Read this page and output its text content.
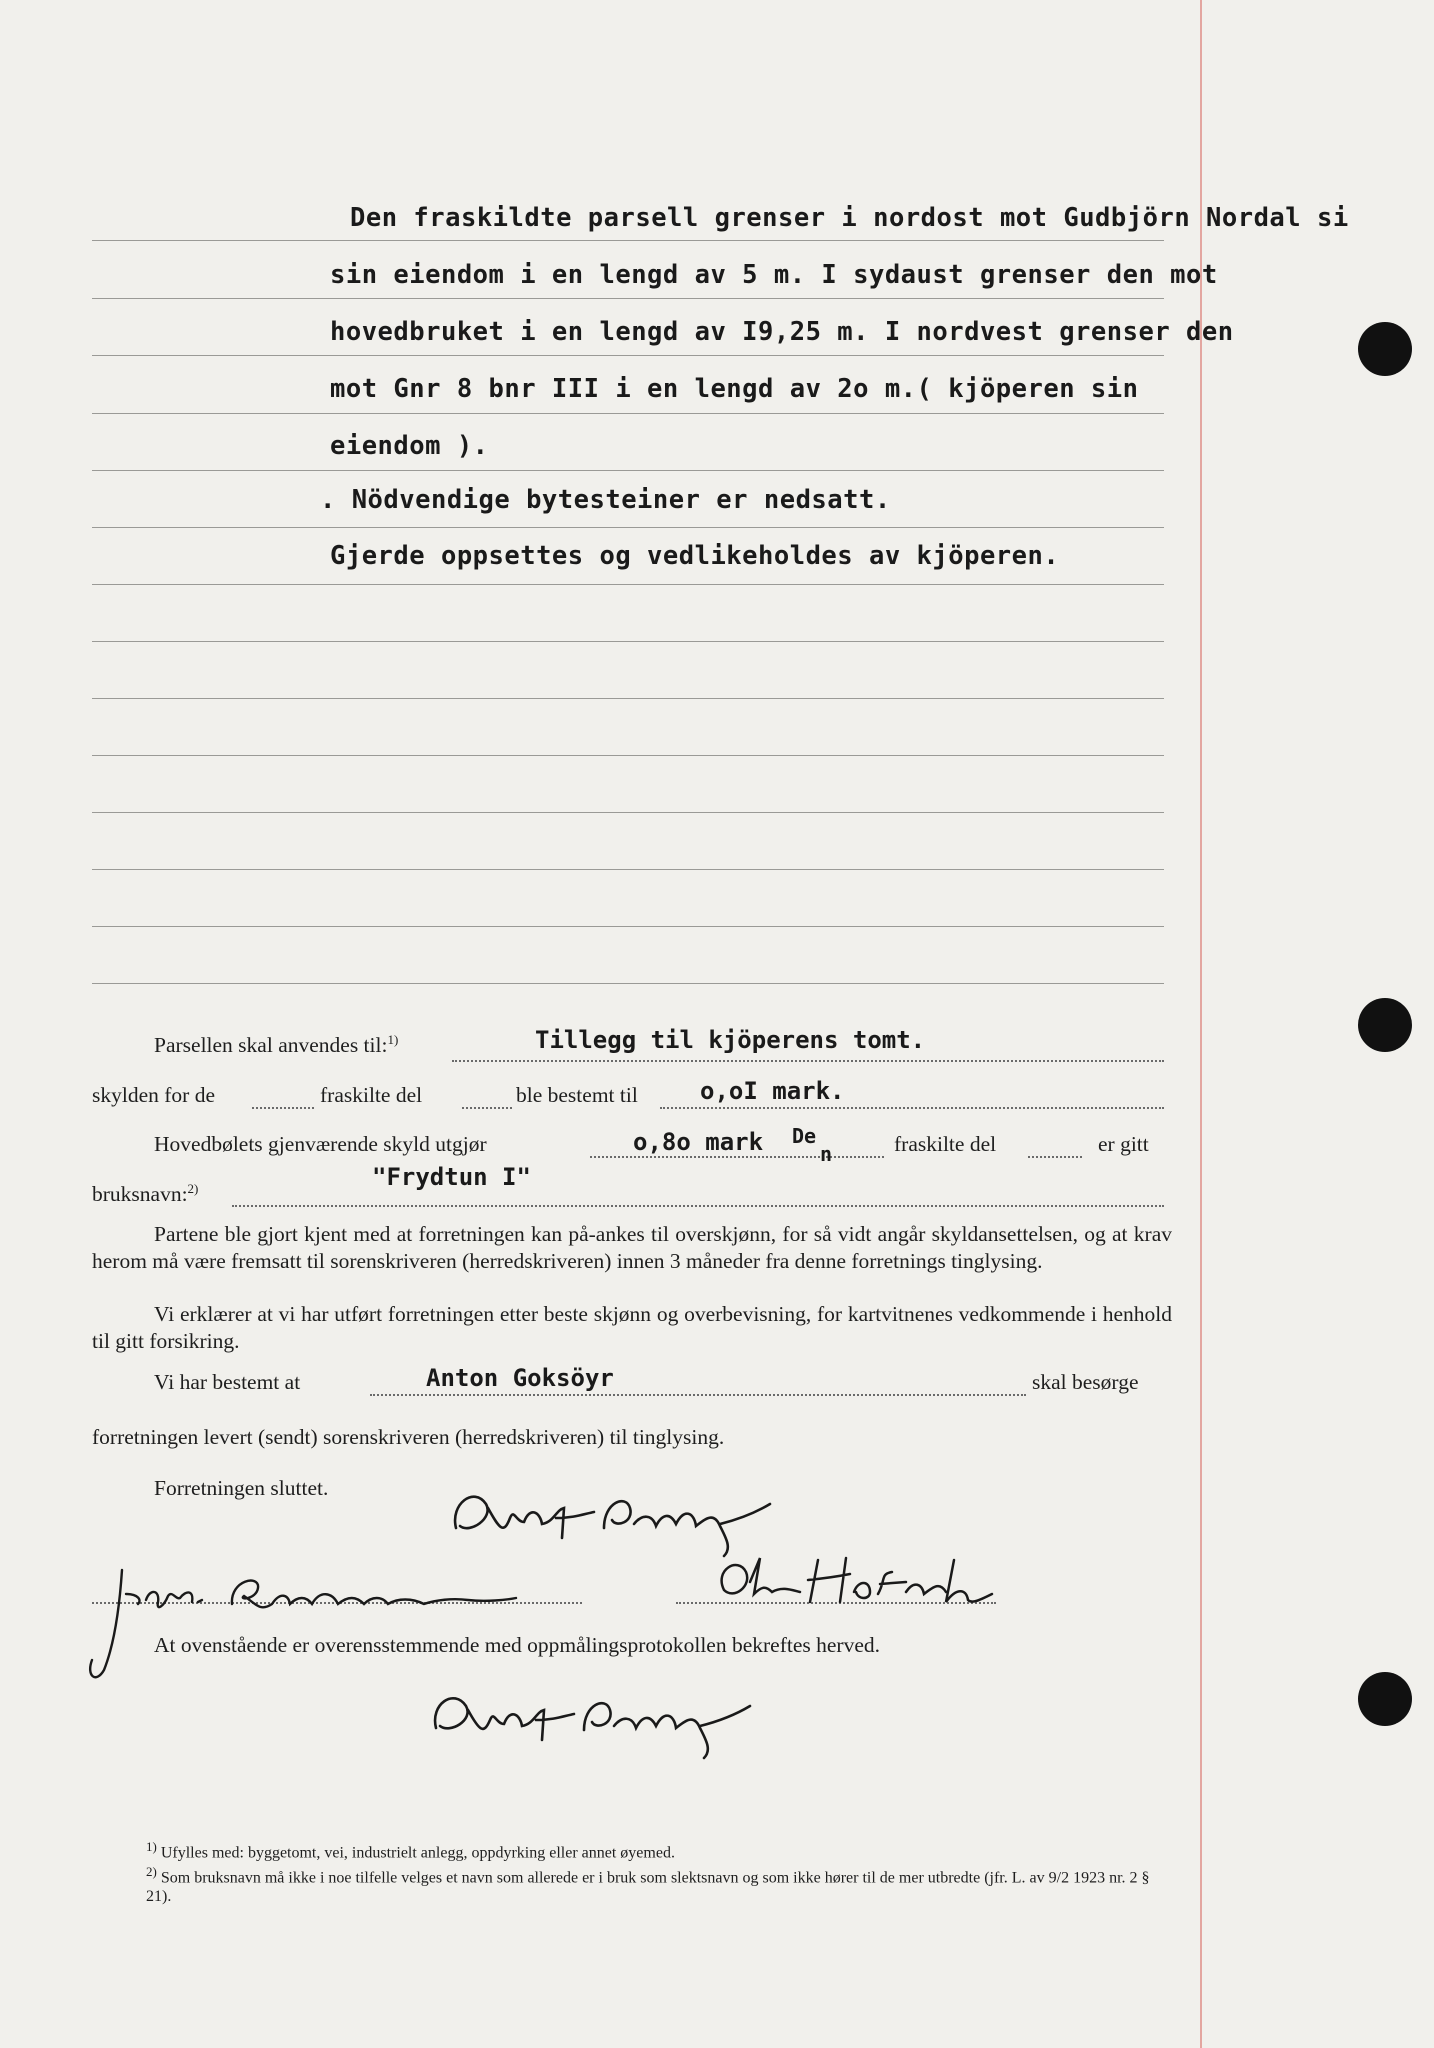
Den fraskildte parsell grenser i nordost mot Gudbjörn Nordal si
sin eiendom i en lengd av 5 m. I sydaust grenser den mot
hovedbruket i en lengd av I9,25 m. I nordvest grenser den
mot Gnr 8 bnr III i en lengd av 2o m.( kjöperen sin
eiendom ).
. Nödvendige bytesteiner er nedsatt.
Gjerde oppsettes og vedlikeholdes av kjöperen.
Parsellen skal anvendes til:$^{1)}$	Tillegg til kjöperens tomt.
skylden for de	fraskilte del	ble bestemt til	o,oI mark.
Hovedbølets gjenværende skyld utgjør	o,8o mark De
n	fraskilte del	er gitt
bruksnavn:$^{2)}$	"Frydtun I"
Partene ble gjort kjent med at forretningen kan på-ankes til overskjønn, for så vidt angår skyldansettelsen, og at krav herom må være fremsatt til sorenskriveren (herredskriveren) innen 3 måneder fra denne forretnings tinglysing.
Vi erklærer at vi har utført forretningen etter beste skjønn og overbevisning, for kartvitnenes vedkommende i henhold til gitt forsikring.
Vi har bestemt at	Anton Goksöyr	skal besørge
forretningen levert (sendt) sorenskriveren (herredskriveren) til tinglysing.
Forretningen sluttet.
At ovenstående er overensstemmende med oppmålingsprotokollen bekreftes herved.
$^{1)}$ Ufylles med: byggetomt, vei, industrielt anlegg, oppdyrking eller annet øyemed.
$^{2)}$ Som bruksnavn må ikke i noe tilfelle velges et navn som allerede er i bruk som slektsnavn og som ikke hører til de mer utbredte (jfr. L. av 9/2 1923 nr. 2 § 21).
